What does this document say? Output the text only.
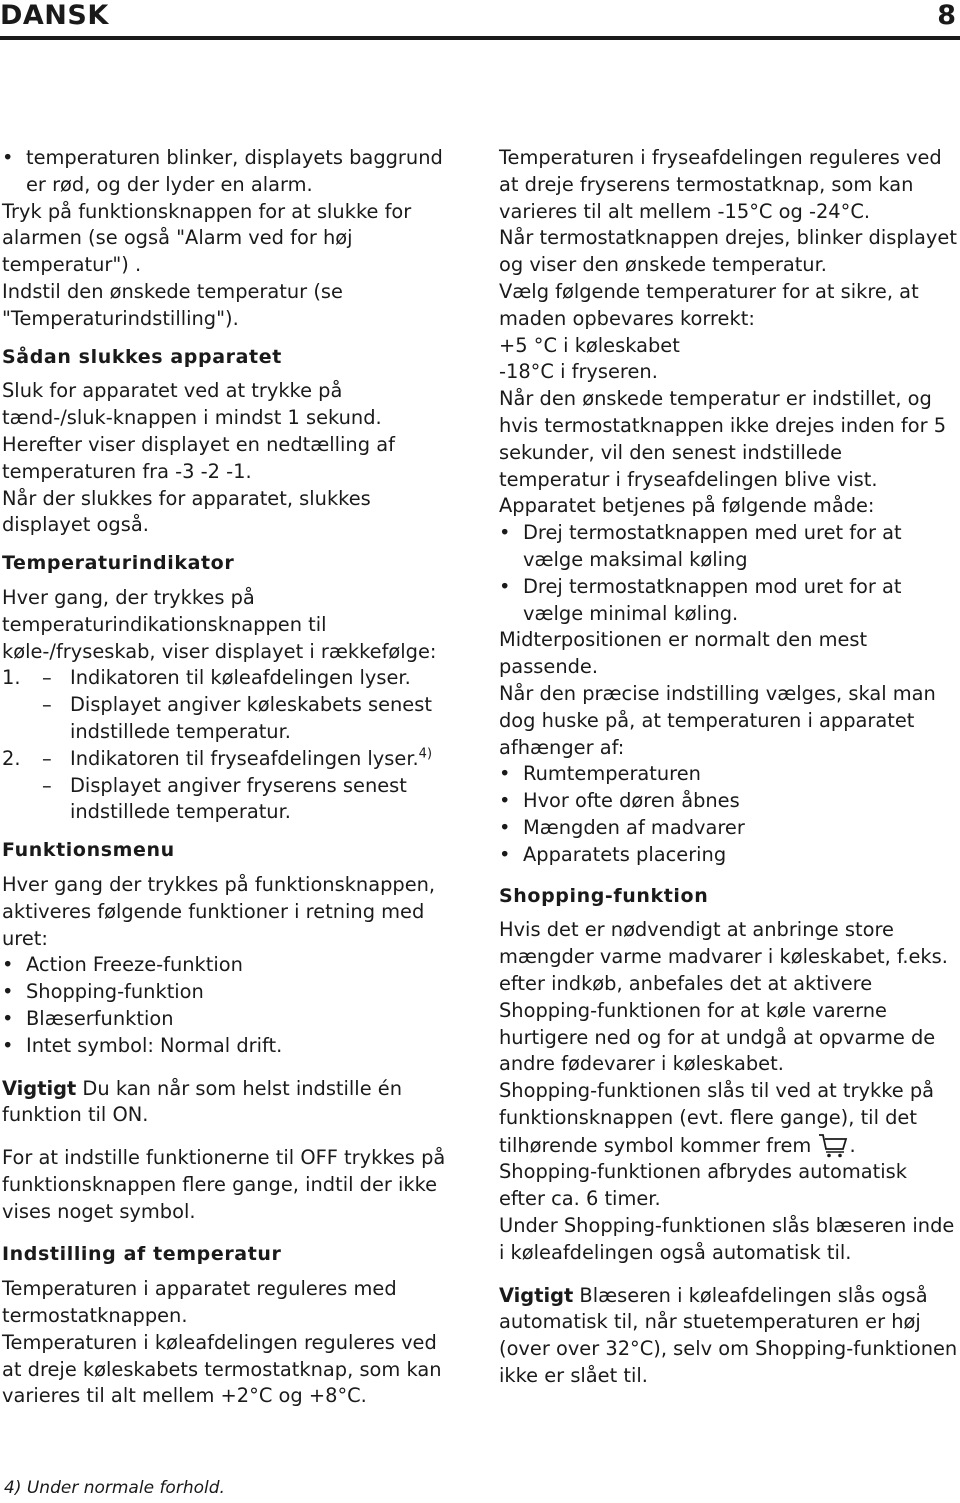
DANSK	8
• temperaturen blinker, displayets baggrund er rød, og der lyder en alarm.

Tryk på funktionsknappen for at slukke for alarmen (se også "Alarm ved for høj temperatur") .

Indstil den ønskede temperatur (se "Temperaturindstilling").

Sådan slukkes apparatet

Sluk for apparatet ved at trykke på tænd-/sluk-knappen i mindst 1 sekund.

Herefter viser displayet en nedtælling af temperaturen fra -3 -2 -1.

Når der slukkes for apparatet, slukkes displayet også.

Temperaturindikator

Hver gang, der trykkes på temperaturindikationsknappen til køle-/fryseskab, viser displayet i rækkefølge:

1. – Indikatoren til køleafdelingen lyser.
– Displayet angiver køleskabets senest indstillede temperatur.
2. – Indikatoren til fryseafdelingen lyser.$^{4)}$
– Displayet angiver fryserens senest indstillede temperatur.
Funktionsmenu

Hver gang der trykkes på funktionsknappen, aktiveres følgende funktioner i retning med uret:

• Action Freeze-funktion
• Shopping-funktion
• Blæserfunktion
• Intet symbol: Normal drift.

Vigtigt Du kan når som helst indstille én funktion til ON.

For at indstille funktionerne til OFF trykkes på funktionsknappen flere gange, indtil der ikke vises noget symbol.

Indstilling af temperatur

Temperaturen i apparatet reguleres med termostatknappen.

Temperaturen i køleafdelingen reguleres ved at dreje køleskabets termostatknap, som kan varieres til alt mellem +2°C og +8°C.

Temperaturen i fryseafdelingen reguleres ved at dreje fryserens termostatknap, som kan varieres til alt mellem -15°C og -24°C.

Når termostatknappen drejes, blinker displayet og viser den ønskede temperatur.

Vælg følgende temperaturer for at sikre, at maden opbevares korrekt:

+5 °C i køleskabet

-18°C i fryseren.

Når den ønskede temperatur er indstillet, og hvis termostatknappen ikke drejes inden for 5 sekunder, vil den senest indstillede temperatur i fryseafdelingen blive vist.

Apparatet betjenes på følgende måde:

• Drej termostatknappen med uret for at vælge maksimal køling
• Drej termostatknappen mod uret for at vælge minimal køling.

Midterpositionen er normalt den mest passende.

Når den præcise indstilling vælges, skal man dog huske på, at temperaturen i apparatet afhænger af:

• Rumtemperaturen
• Hvor ofte døren åbnes
• Mængden af madvarer
• Apparatets placering
Shopping-funktion

Hvis det er nødvendigt at anbringe store mængder varme madvarer i køleskabet, f.eks. efter indkøb, anbefales det at aktivere Shopping-funktionen for at køle varerne hurtigere ned og for at undgå at opvarme de andre fødevarer i køleskabet.

Shopping-funktionen slås til ved at trykke på funktionsknappen (evt. flere gange), til det tilhørende symbol kommer frem .

Shopping-funktionen afbrydes automatisk efter ca. 6 timer.

Under Shopping-funktionen slås blæseren inde i køleafdelingen også automatisk til.

Vigtigt Blæseren i køleafdelingen slås også automatisk til, når stuetemperaturen er høj (over over 32°C), selv om Shopping-funktionen ikke er slået til.

4) Under normale forhold.
